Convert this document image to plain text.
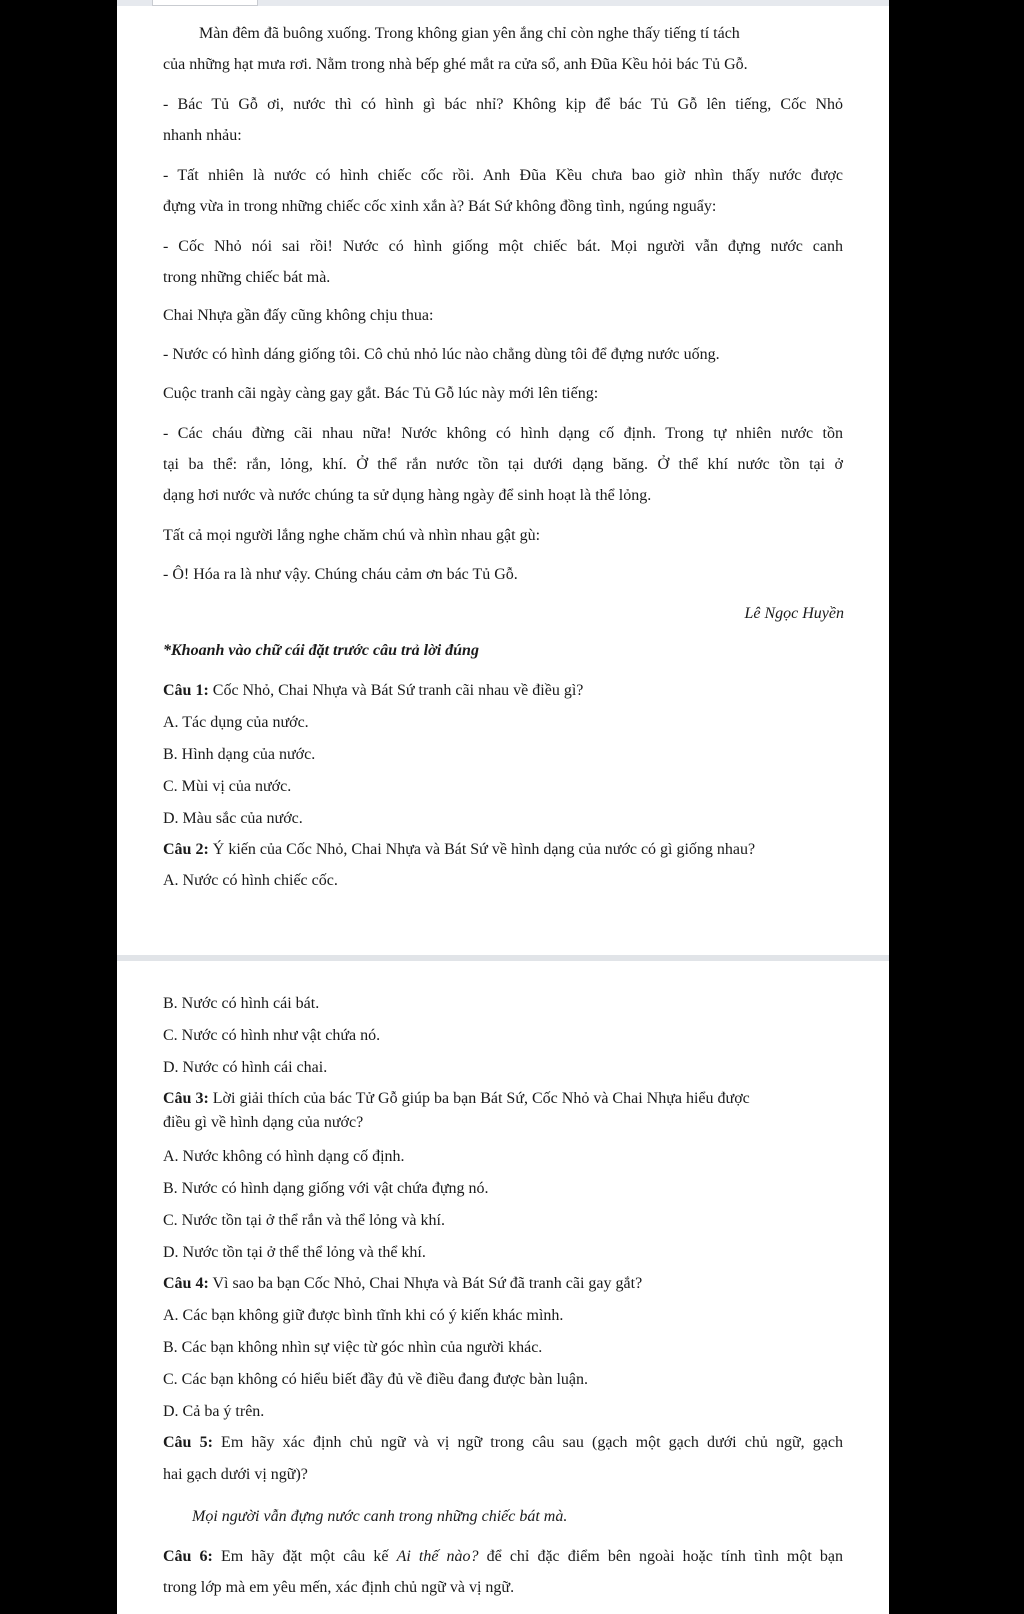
Màn đêm đã buông xuống. Trong không gian yên ắng chỉ còn nghe thấy tiếng tí tách

của những hạt mưa rơi. Nằm trong nhà bếp ghé mắt ra cửa sổ, anh Đũa Kều hỏi bác Tủ Gỗ.

- Bác Tủ Gỗ ơi, nước thì có hình gì bác nhỉ? Không kịp để bác Tủ Gỗ lên tiếng, Cốc Nhỏ

nhanh nhảu:

- Tất nhiên là nước có hình chiếc cốc rồi. Anh Đũa Kều chưa bao giờ nhìn thấy nước được

đựng vừa in trong những chiếc cốc xinh xắn à? Bát Sứ không đồng tình, ngúng nguẩy:

- Cốc Nhỏ nói sai rồi! Nước có hình giống một chiếc bát. Mọi người vẫn đựng nước canh

trong những chiếc bát mà.

Chai Nhựa gần đấy cũng không chịu thua:

- Nước có hình dáng giống tôi. Cô chủ nhỏ lúc nào chẳng dùng tôi để đựng nước uống.

Cuộc tranh cãi ngày càng gay gắt. Bác Tủ Gỗ lúc này mới lên tiếng:

- Các cháu đừng cãi nhau nữa! Nước không có hình dạng cố định. Trong tự nhiên nước tồn

tại ba thể: rắn, lỏng, khí. Ở thể rắn nước tồn tại dưới dạng băng. Ở thể khí nước tồn tại ở

dạng hơi nước và nước chúng ta sử dụng hàng ngày để sinh hoạt là thể lỏng.

Tất cả mọi người lắng nghe chăm chú và nhìn nhau gật gù:

- Ô! Hóa ra là như vậy. Chúng cháu cảm ơn bác Tủ Gỗ.

Lê Ngọc Huyền

*Khoanh vào chữ cái đặt trước câu trả lời đúng

Câu 1: Cốc Nhỏ, Chai Nhựa và Bát Sứ tranh cãi nhau về điều gì?

A. Tác dụng của nước.

B. Hình dạng của nước.

C. Mùi vị của nước.

D. Màu sắc của nước.

Câu 2: Ý kiến của Cốc Nhỏ, Chai Nhựa và Bát Sứ về hình dạng của nước có gì giống nhau?

A. Nước có hình chiếc cốc.

B. Nước có hình cái bát.

C. Nước có hình như vật chứa nó.

D. Nước có hình cái chai.

Câu 3: Lời giải thích của bác Tử Gỗ giúp ba bạn Bát Sứ, Cốc Nhỏ và Chai Nhựa hiểu được

điều gì về hình dạng của nước?

A. Nước không có hình dạng cố định.

B. Nước có hình dạng giống với vật chứa đựng nó.

C. Nước tồn tại ở thể rắn và thể lỏng và khí.

D. Nước tồn tại ở thể thể lỏng và thể khí.

Câu 4: Vì sao ba bạn Cốc Nhỏ, Chai Nhựa và Bát Sứ đã tranh cãi gay gắt?

A. Các bạn không giữ được bình tĩnh khi có ý kiến khác mình.

B. Các bạn không nhìn sự việc từ góc nhìn của người khác.

C. Các bạn không có hiểu biết đầy đủ về điều đang được bàn luận.

D. Cả ba ý trên.

Câu 5: Em hãy xác định chủ ngữ và vị ngữ trong câu sau (gạch một gạch dưới chủ ngữ, gạch

hai gạch dưới vị ngữ)?

Mọi người vẫn đựng nước canh trong những chiếc bát mà.

Câu 6: Em hãy đặt một câu kế Ai thế nào? để chỉ đặc điểm bên ngoài hoặc tính tình một bạn

trong lớp mà em yêu mến, xác định chủ ngữ và vị ngữ.
